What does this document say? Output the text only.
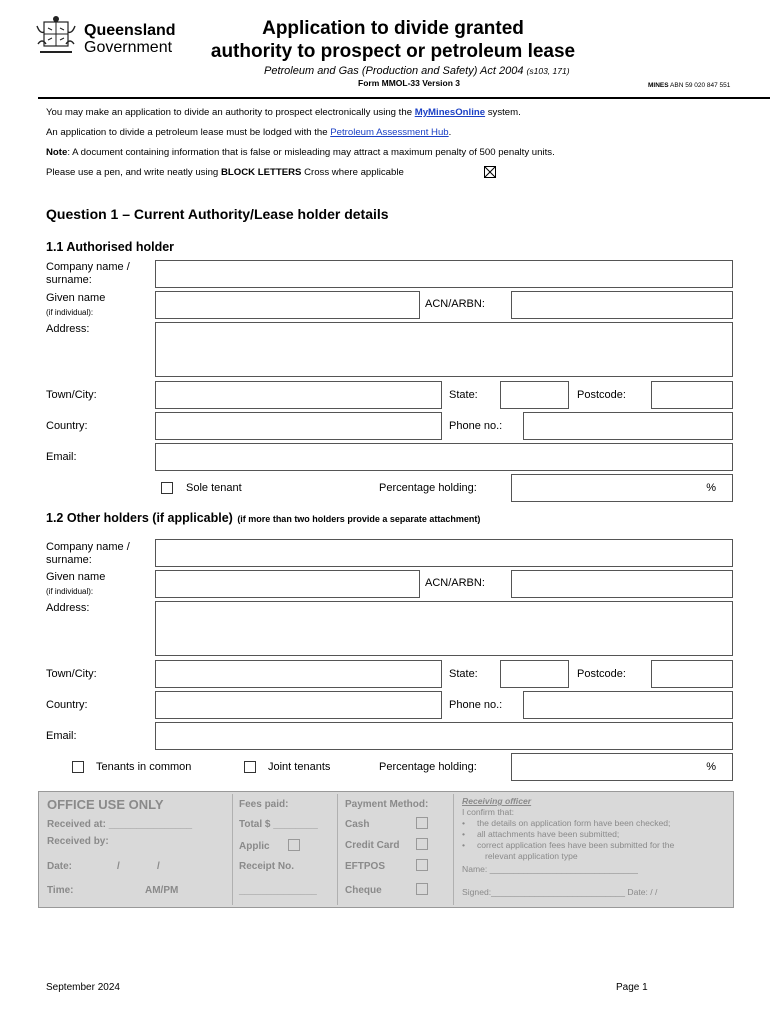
Queensland
Government
Application to divide granted
authority to prospect or petroleum lease
Petroleum and Gas (Production and Safety) Act 2004 (s103, 171)
Form MMOL-33 Version 3	MINES ABN 59 020 847 551
You may make an application to divide an authority to prospect electronically using the MyMinesOnline system.
An application to divide a petroleum lease must be lodged with the Petroleum Assessment Hub.
Note: A document containing information that is false or misleading may attract a maximum penalty of 500 penalty units.
Please use a pen, and write neatly using BLOCK LETTERS Cross where applicable
Question 1 – Current Authority/Lease holder details
1.1 Authorised holder
Company name /
surname:
Given name
(if individual):
ACN/ARBN:
Address:
Town/City:	State:	Postcode:
Country:	Phone no.:
Email:
Sole tenant	Percentage holding:	%
1.2 Other holders (if applicable) (if more than two holders provide a separate attachment)
Company name /
surname:
Given name
(if individual):
ACN/ARBN:
Address:
Town/City:	State:	Postcode:
Country:	Phone no.:
Email:
Tenants in common	Joint tenants	Percentage holding:	%
OFFICE USE ONLY
Received at: _______________
Received by:
Date:	/	/
Time:	AM/PM
Fees paid:
Total $ ________
Applic
Receipt No.
______________
Payment Method:
Cash
Credit Card
EFTPOS
Cheque
Receiving officer
I confirm that:
•     the details on application form have been checked;
•     all attachments have been submitted;
•     correct application fees have been submitted for the
relevant application type
Name: _______________________________
Signed:____________________________ Date: / /
September 2024	Page 1
